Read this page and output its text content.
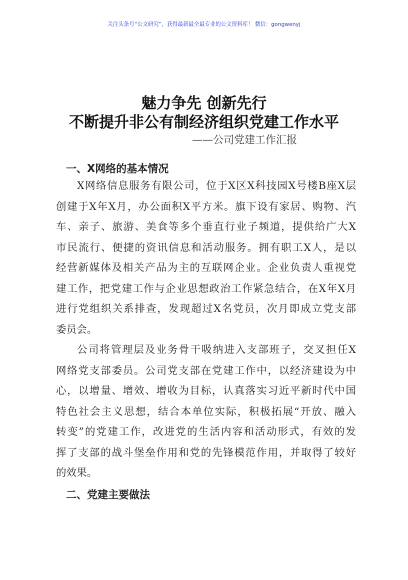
关注头条号“公文研究”，获得最新最全最专业的公文资料库！ 微信：gongwenyj
魅力争先 创新先行
不断提升非公有制经济组织党建工作水平
——公司党建工作汇报
一、X网络的基本情况
X网络信息服务有限公司，位于X区X科技园X号楼B座X层
创建于X年X月，办公面积X平方米。旗下设有家居、购物、汽
车、亲子、旅游、美食等多个垂直行业子频道，提供给广大X
市民流行、便捷的资讯信息和活动服务。拥有职工X人，是以
经营新媒体及相关产品为主的互联网企业。企业负责人重视党
建工作，把党建工作与企业思想政治工作紧急结合，在X年X月
进行党组织关系排查，发现超过X名党员，次月即成立党支部
委员会。
公司将管理层及业务骨干吸纳进入支部班子，交叉担任X
网络党支部委员。公司党支部在党建工作中，以经济建设为中
心，以增量、增效、增收为目标，认真落实习近平新时代中国
特色社会主义思想，结合本单位实际，积极拓展“开放、融入
转变”的党建工作，改进党的生活内容和活动形式，有效的发
挥了支部的战斗堡垒作用和党的先锋模范作用，并取得了较好
的效果。
二、党建主要做法
